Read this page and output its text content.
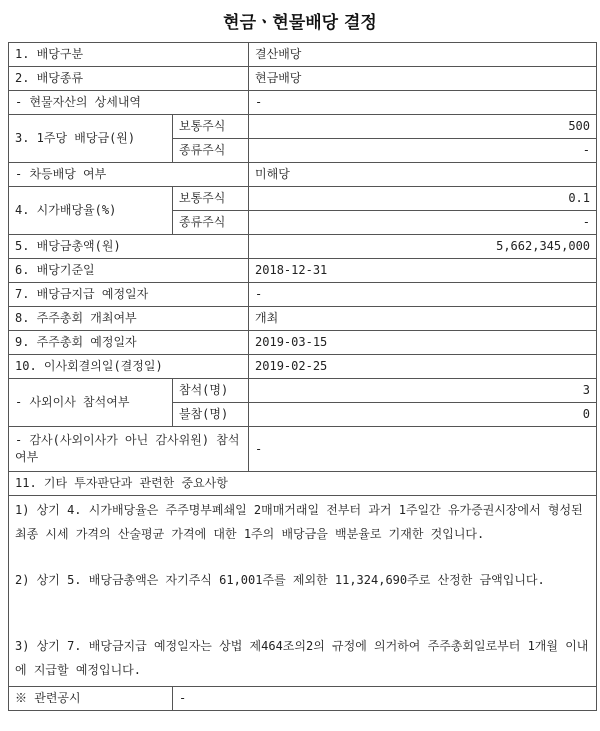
현금ㆍ현물배당 결정
1. 배당구분		결산배당
2. 배당종류		현금배당
- 현물자산의 상세내역		-
3. 1주당 배당금(원)	보통주식	500
	종류주식	-
- 차등배당 여부		미해당
4. 시가배당율(%)	보통주식	0.1
	종류주식	-
5. 배당금총액(원)		5,662,345,000
6. 배당기준일		2018-12-31
7. 배당금지급 예정일자		-
8. 주주총회 개최여부		개최
9. 주주총회 예정일자		2019-03-15
10. 이사회결의일(결정일)		2019-02-25
- 사외이사 참석여부	참석(명)	3
	불참(명)	0
- 감사(사외이사가 아닌 감사위원) 참석여부		-
11. 기타 투자판단과 관련한 중요사항		

1) 상기 4. 시가배당율은 주주명부폐쇄일 2매매거래일 전부터 과거 1주일간 유가증권시장에서 형성된 최종 시세 가격의 산술평균 가격에 대한 1주의 배당금을 백분율로 기재한 것입니다.

2) 상기 5. 배당금총액은 자기주식 61,001주를 제외한 11,324,690주로 산정한 금액입니다.

3) 상기 7. 배당금지급 예정일자는 상법 제464조의2의 규정에 의거하여 주주총회일로부터 1개월 이내에 지급할 예정입니다.		

※ 관련공시	-	
